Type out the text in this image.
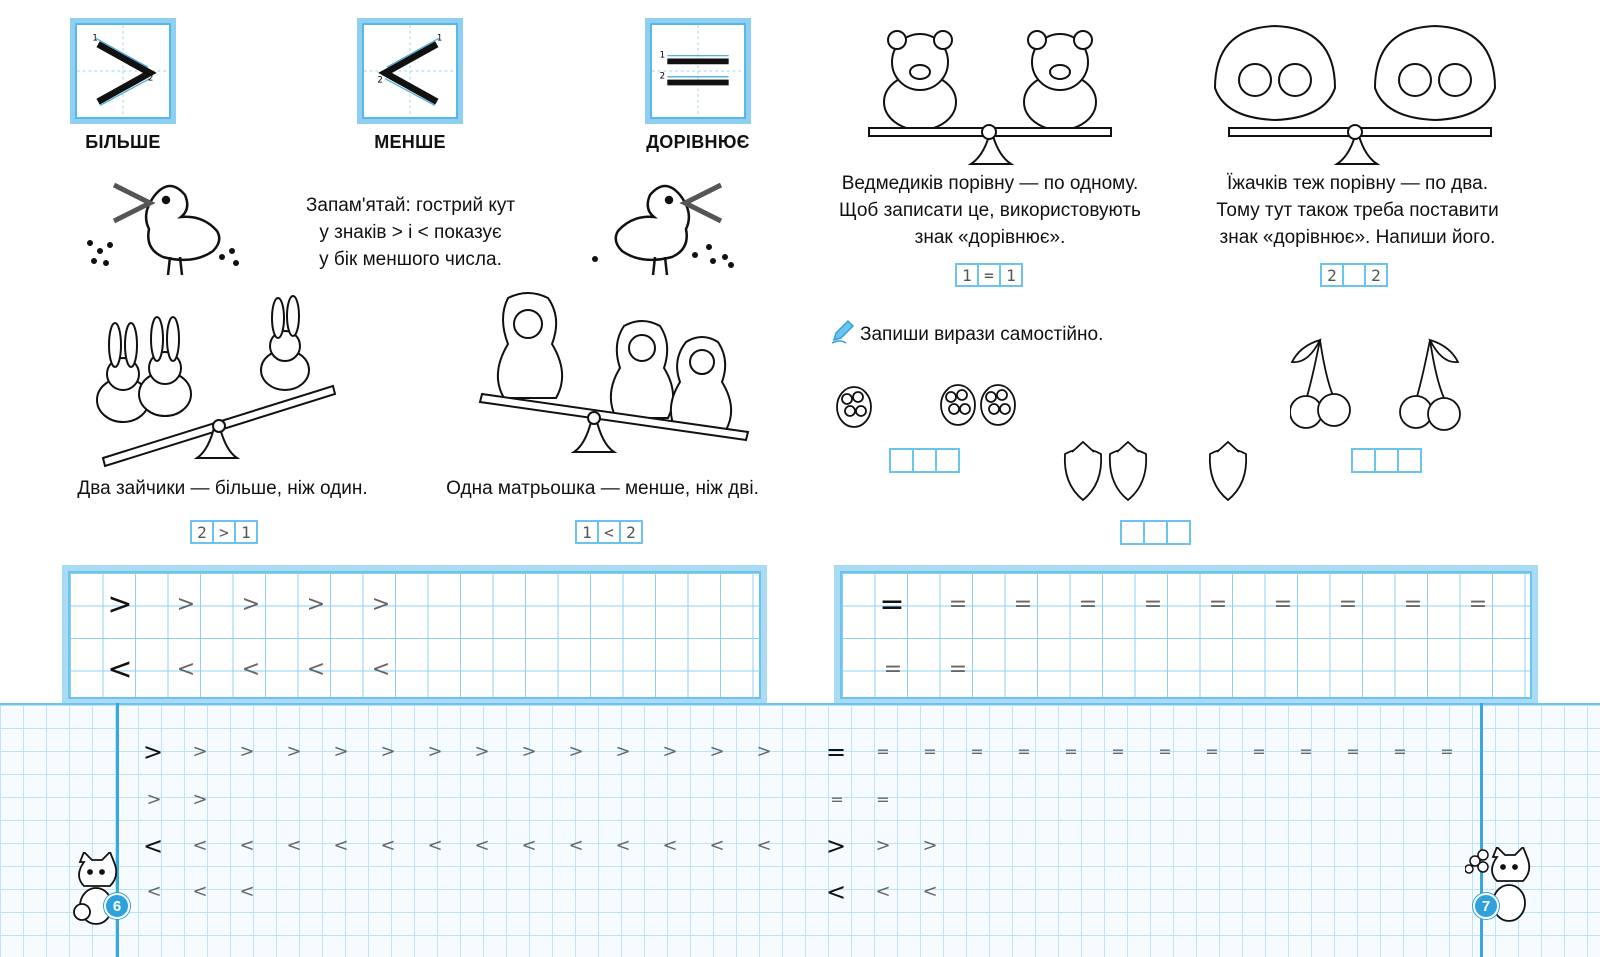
1
2
БІЛЬШЕ
1
2
МЕНШЕ
1
2
ДОРІВНЮЄ
Запам'ятай: гострий кут
у знаків > і < показує
у бік меншого числа.
Два зайчики — більше, ніж один.
2 > 1
Одна матрьошка — менше, ніж дві.
1 < 2
Ведмедиків порівну — по одному.
Щоб записати це, використовують
знак «дорівнює».
1 = 1
Їжачків теж порівну — по два.
Тому тут також треба поставити
знак «дорівнює». Напиши його.
2	2
Запиши вирази самостійно.
> > > > >
< < < < <
= = = = = = = = = =
= =
> > > > > > > > > > > > > > = = = = = = = = = = = = = =
> >	= =
< < < < < < < < < < < < < < > > >
< < <	< < <
6	7
